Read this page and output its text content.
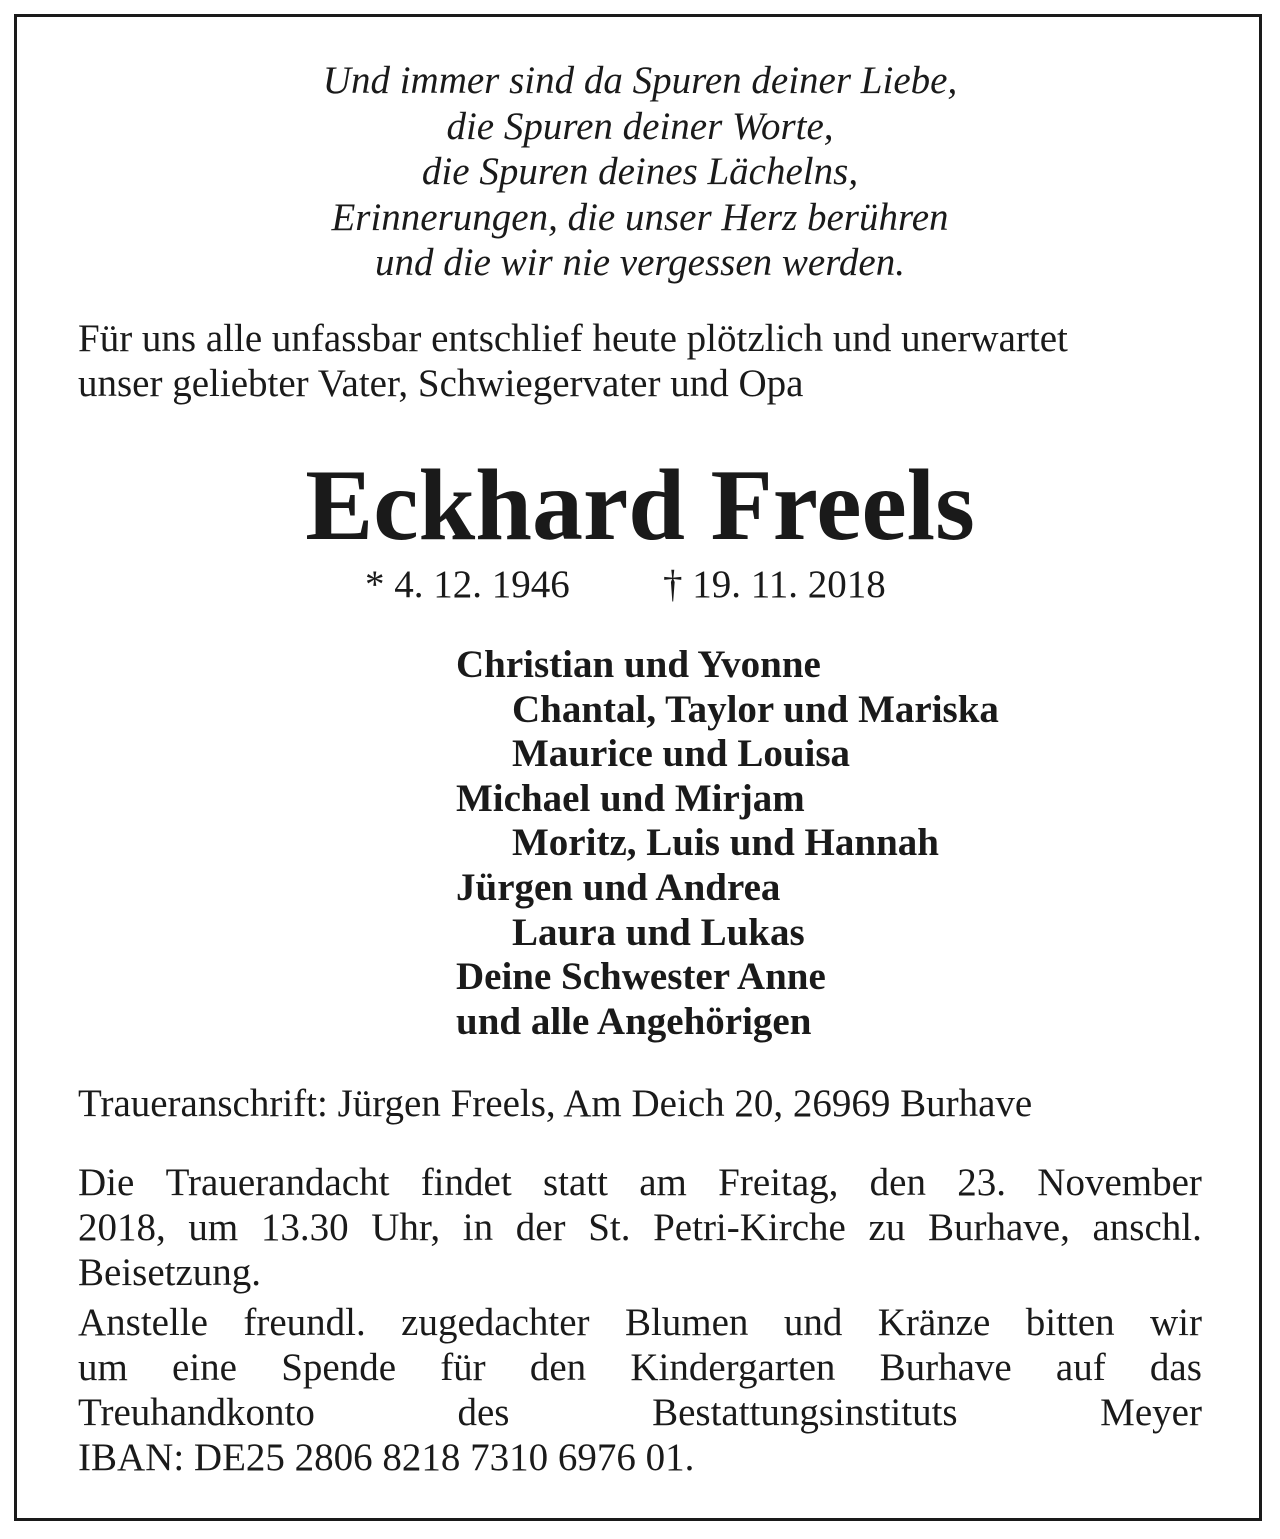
Und immer sind da Spuren deiner Liebe,
die Spuren deiner Worte,
die Spuren deines Lächelns,
Erinnerungen, die unser Herz berühren
und die wir nie vergessen werden.
Für uns alle unfassbar entschlief heute plötzlich und unerwartet
unser geliebter Vater, Schwiegervater und Opa
Eckhard Freels
* 4. 12. 1946 † 19. 11. 2018
Christian und Yvonne
Chantal, Taylor und Mariska
Maurice und Louisa
Michael und Mirjam
Moritz, Luis und Hannah
Jürgen und Andrea
Laura und Lukas
Deine Schwester Anne
und alle Angehörigen
Traueranschrift: Jürgen Freels, Am Deich 20, 26969 Burhave
Die Trauerandacht findet statt am Freitag, den 23. November
2018, um 13.30 Uhr, in der St. Petri-Kirche zu Burhave, anschl.
Beisetzung.
Anstelle freundl. zugedachter Blumen und Kränze bitten wir
um eine Spende für den Kindergarten Burhave auf das
Treuhandkonto	des	Bestattungsinstituts	Meyer
IBAN: DE25 2806 8218 7310 6976 01.
